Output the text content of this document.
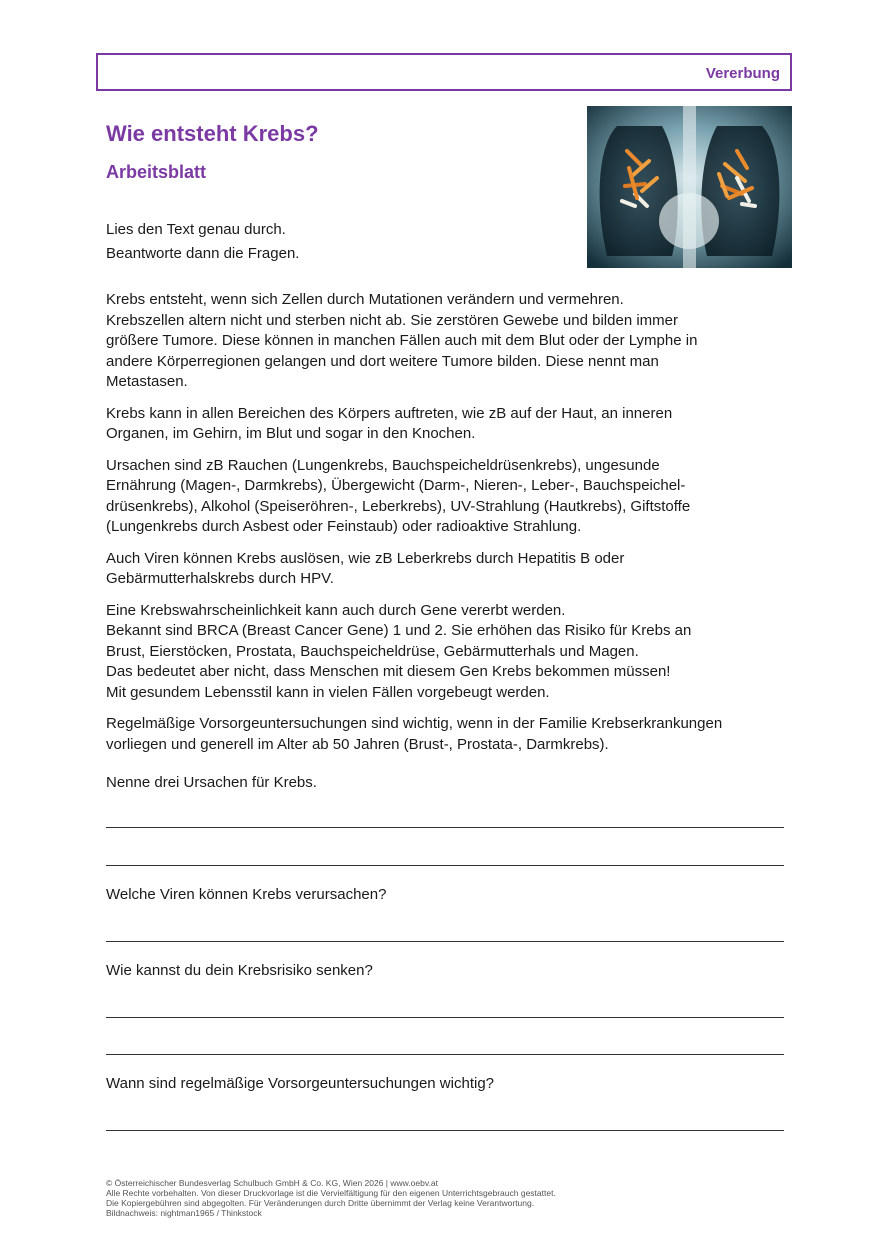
Vererbung
Wie entsteht Krebs?
Arbeitsblatt
Lies den Text genau durch.
Beantworte dann die Fragen.

Krebs entsteht, wenn sich Zellen durch Mutationen verändern und vermehren.
Krebszellen altern nicht und sterben nicht ab. Sie zerstören Gewebe und bilden immer
größere Tumore. Diese können in manchen Fällen auch mit dem Blut oder der Lymphe in
andere Körperregionen gelangen und dort weitere Tumore bilden. Diese nennt man
Metastasen.

Krebs kann in allen Bereichen des Körpers auftreten, wie zB auf der Haut, an inneren
Organen, im Gehirn, im Blut und sogar in den Knochen.

Ursachen sind zB Rauchen (Lungenkrebs, Bauchspeicheldrüsenkrebs), ungesunde
Ernährung (Magen-, Darmkrebs), Übergewicht (Darm-, Nieren-, Leber-, Bauchspeichel-
drüsenkrebs), Alkohol (Speiseröhren-, Leberkrebs), UV-Strahlung (Hautkrebs), Giftstoffe
(Lungenkrebs durch Asbest oder Feinstaub) oder radioaktive Strahlung.

Auch Viren können Krebs auslösen, wie zB Leberkrebs durch Hepatitis B oder
Gebärmutterhalskrebs durch HPV.

Eine Krebswahrscheinlichkeit kann auch durch Gene vererbt werden.
Bekannt sind BRCA (Breast Cancer Gene) 1 und 2. Sie erhöhen das Risiko für Krebs an
Brust, Eierstöcken, Prostata, Bauchspeicheldrüse, Gebärmutterhals und Magen.
Das bedeutet aber nicht, dass Menschen mit diesem Gen Krebs bekommen müssen!
Mit gesundem Lebensstil kann in vielen Fällen vorgebeugt werden.

Regelmäßige Vorsorgeuntersuchungen sind wichtig, wenn in der Familie Krebserkrankungen
vorliegen und generell im Alter ab 50 Jahren (Brust-, Prostata-, Darmkrebs).

Nenne drei Ursachen für Krebs.
Welche Viren können Krebs verursachen?
Wie kannst du dein Krebsrisiko senken?
Wann sind regelmäßige Vorsorgeuntersuchungen wichtig?
© Österreichischer Bundesverlag Schulbuch GmbH & Co. KG, Wien 2026 | www.oebv.at
Alle Rechte vorbehalten. Von dieser Druckvorlage ist die Vervielfältigung für den eigenen Unterrichtsgebrauch gestattet.
Die Kopiergebühren sind abgegolten. Für Veränderungen durch Dritte übernimmt der Verlag keine Verantwortung.
Bildnachweis: nightman1965 / Thinkstock
